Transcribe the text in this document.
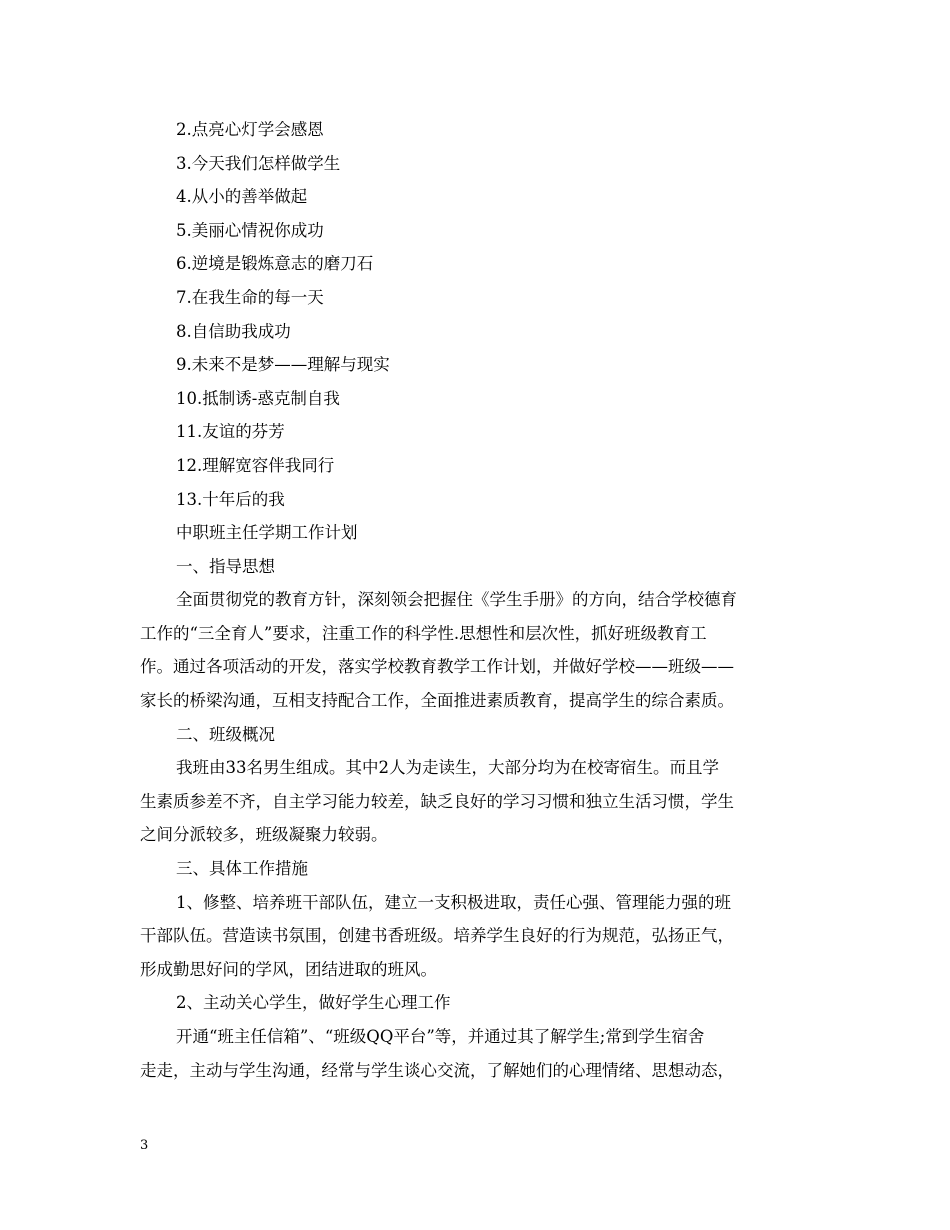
2.点亮心灯学会感恩
3.今天我们怎样做学生
4.从小的善举做起
5.美丽心情祝你成功
6.逆境是锻炼意志的磨刀石
7.在我生命的每一天
8.自信助我成功
9.未来不是梦——理解与现实
10.抵制诱-惑克制自我
11.友谊的芬芳
12.理解宽容伴我同行
13.十年后的我
中职班主任学期工作计划
一、指导思想
全面贯彻党的教育方针，深刻领会把握住《学生手册》的方向，结合学校德育
工作的“三全育人”要求，注重工作的科学性.思想性和层次性，抓好班级教育工
作。通过各项活动的开发，落实学校教育教学工作计划，并做好学校——班级——
家长的桥梁沟通，互相支持配合工作，全面推进素质教育，提高学生的综合素质。
二、班级概况
我班由33名男生组成。其中2人为走读生，大部分均为在校寄宿生。而且学
生素质参差不齐，自主学习能力较差，缺乏良好的学习习惯和独立生活习惯，学生
之间分派较多，班级凝聚力较弱。
三、具体工作措施
1、修整、培养班干部队伍，建立一支积极进取，责任心强、管理能力强的班
干部队伍。营造读书氛围，创建书香班级。培养学生良好的行为规范，弘扬正气，
形成勤思好问的学风，团结进取的班风。
2、主动关心学生，做好学生心理工作
开通“班主任信箱”、“班级QQ平台”等，并通过其了解学生;常到学生宿舍
走走，主动与学生沟通，经常与学生谈心交流，了解她们的心理情绪、思想动态，
3
